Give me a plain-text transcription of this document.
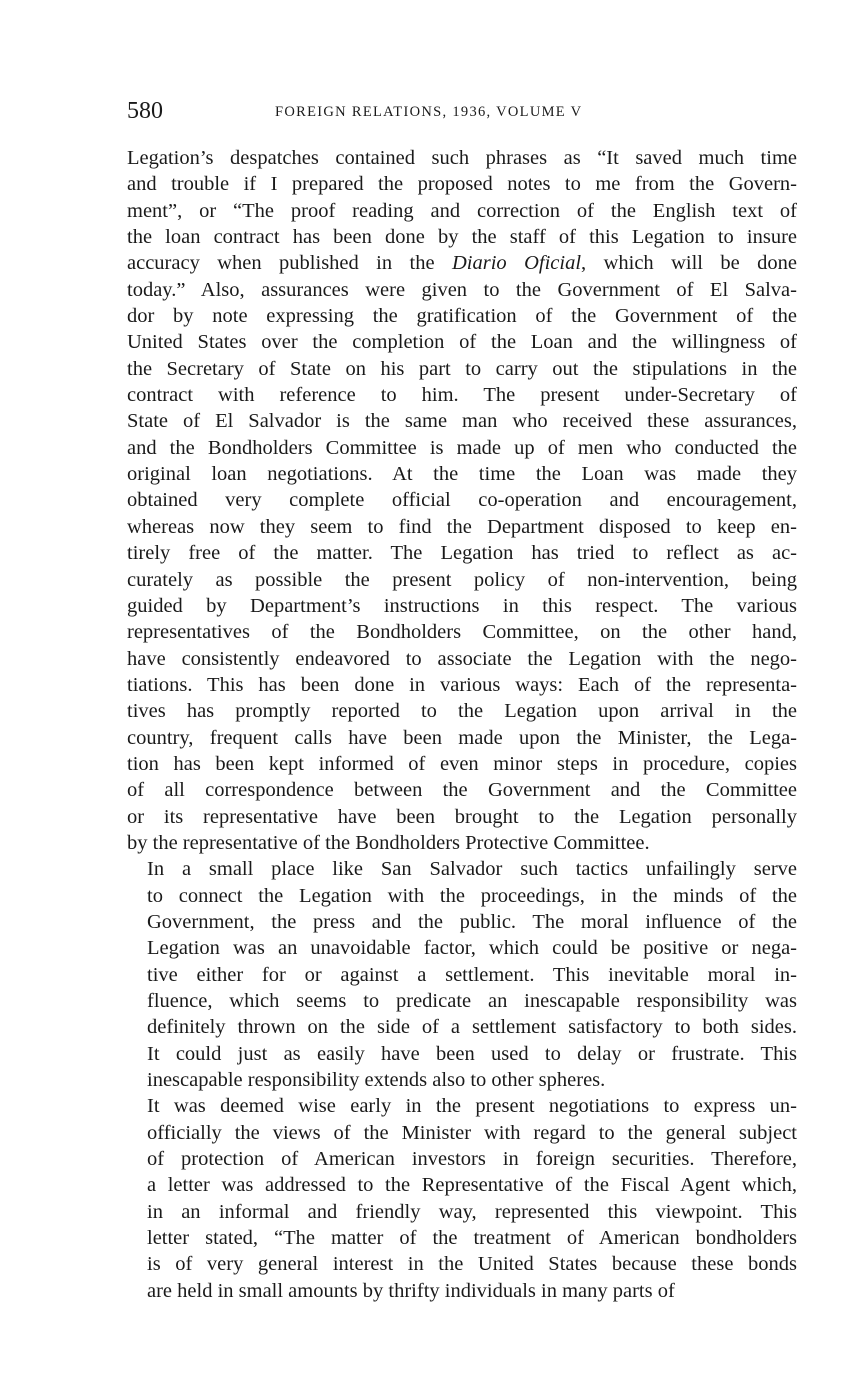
580	FOREIGN RELATIONS, 1936, VOLUME V

Legation’s despatches contained such phrases as “It saved much time
and trouble if I prepared the proposed notes to me from the Govern-
ment”, or “The proof reading and correction of the English text of
the loan contract has been done by the staff of this Legation to insure
accuracy when published in the Diario Oficial, which will be done
today.” Also, assurances were given to the Government of El Salva-
dor by note expressing the gratification of the Government of the
United States over the completion of the Loan and the willingness of
the Secretary of State on his part to carry out the stipulations in the
contract with reference to him. The present under-Secretary of
State of El Salvador is the same man who received these assurances,
and the Bondholders Committee is made up of men who conducted the
original loan negotiations. At the time the Loan was made they
obtained very complete official co-operation and encouragement,
whereas now they seem to find the Department disposed to keep en-
tirely free of the matter. The Legation has tried to reflect as ac-
curately as possible the present policy of non-intervention, being
guided by Department’s instructions in this respect. The various
representatives of the Bondholders Committee, on the other hand,
have consistently endeavored to associate the Legation with the nego-
tiations. This has been done in various ways: Each of the representa-
tives has promptly reported to the Legation upon arrival in the
country, frequent calls have been made upon the Minister, the Lega-
tion has been kept informed of even minor steps in procedure, copies
of all correspondence between the Government and the Committee
or its representative have been brought to the Legation personally
by the representative of the Bondholders Protective Committee.

In a small place like San Salvador such tactics unfailingly serve
to connect the Legation with the proceedings, in the minds of the
Government, the press and the public. The moral influence of the
Legation was an unavoidable factor, which could be positive or nega-
tive either for or against a settlement. This inevitable moral in-
fluence, which seems to predicate an inescapable responsibility was
definitely thrown on the side of a settlement satisfactory to both sides.
It could just as easily have been used to delay or frustrate. This
inescapable responsibility extends also to other spheres.

It was deemed wise early in the present negotiations to express un-
officially the views of the Minister with regard to the general subject
of protection of American investors in foreign securities. Therefore,
a letter was addressed to the Representative of the Fiscal Agent which,
in an informal and friendly way, represented this viewpoint. This
letter stated, “The matter of the treatment of American bondholders
is of very general interest in the United States because these bonds
are held in small amounts by thrifty individuals in many parts of
